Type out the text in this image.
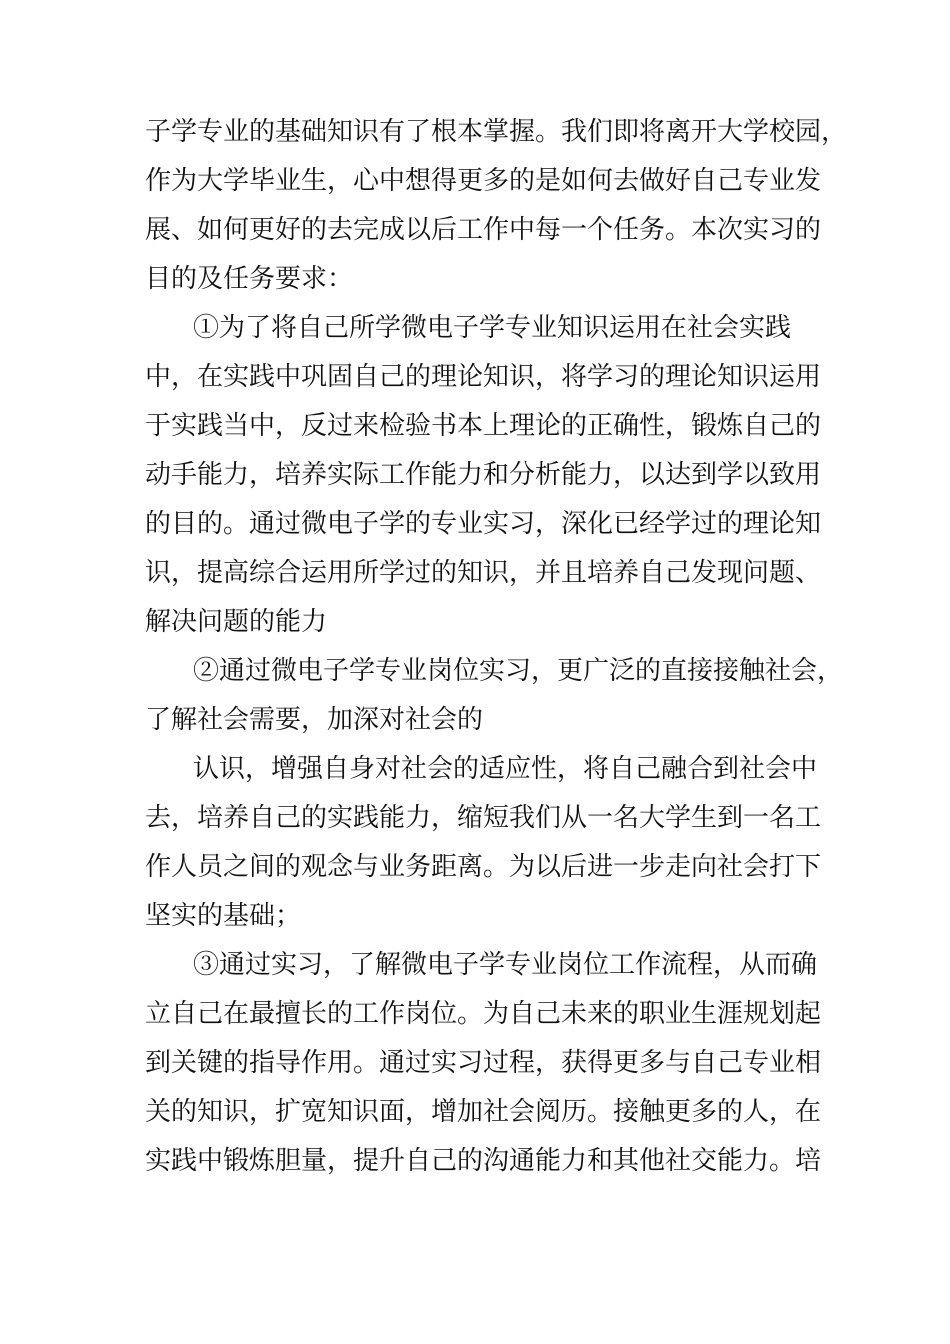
子学专业的基础知识有了根本掌握。我们即将离开大学校园，
作为大学毕业生，心中想得更多的是如何去做好自己专业发
展、如何更好的去完成以后工作中每一个任务。本次实习的
目的及任务要求：
①为了将自己所学微电子学专业知识运用在社会实践
中，在实践中巩固自己的理论知识，将学习的理论知识运用
于实践当中，反过来检验书本上理论的正确性，锻炼自己的
动手能力，培养实际工作能力和分析能力，以达到学以致用
的目的。通过微电子学的专业实习，深化已经学过的理论知
识，提高综合运用所学过的知识，并且培养自己发现问题、
解决问题的能力
②通过微电子学专业岗位实习，更广泛的直接接触社会，
了解社会需要，加深对社会的
认识，增强自身对社会的适应性，将自己融合到社会中
去，培养自己的实践能力，缩短我们从一名大学生到一名工
作人员之间的观念与业务距离。为以后进一步走向社会打下
坚实的基础；
③通过实习，了解微电子学专业岗位工作流程，从而确
立自己在最擅长的工作岗位。为自己未来的职业生涯规划起
到关键的指导作用。通过实习过程，获得更多与自己专业相
关的知识，扩宽知识面，增加社会阅历。接触更多的人，在
实践中锻炼胆量，提升自己的沟通能力和其他社交能力。培
